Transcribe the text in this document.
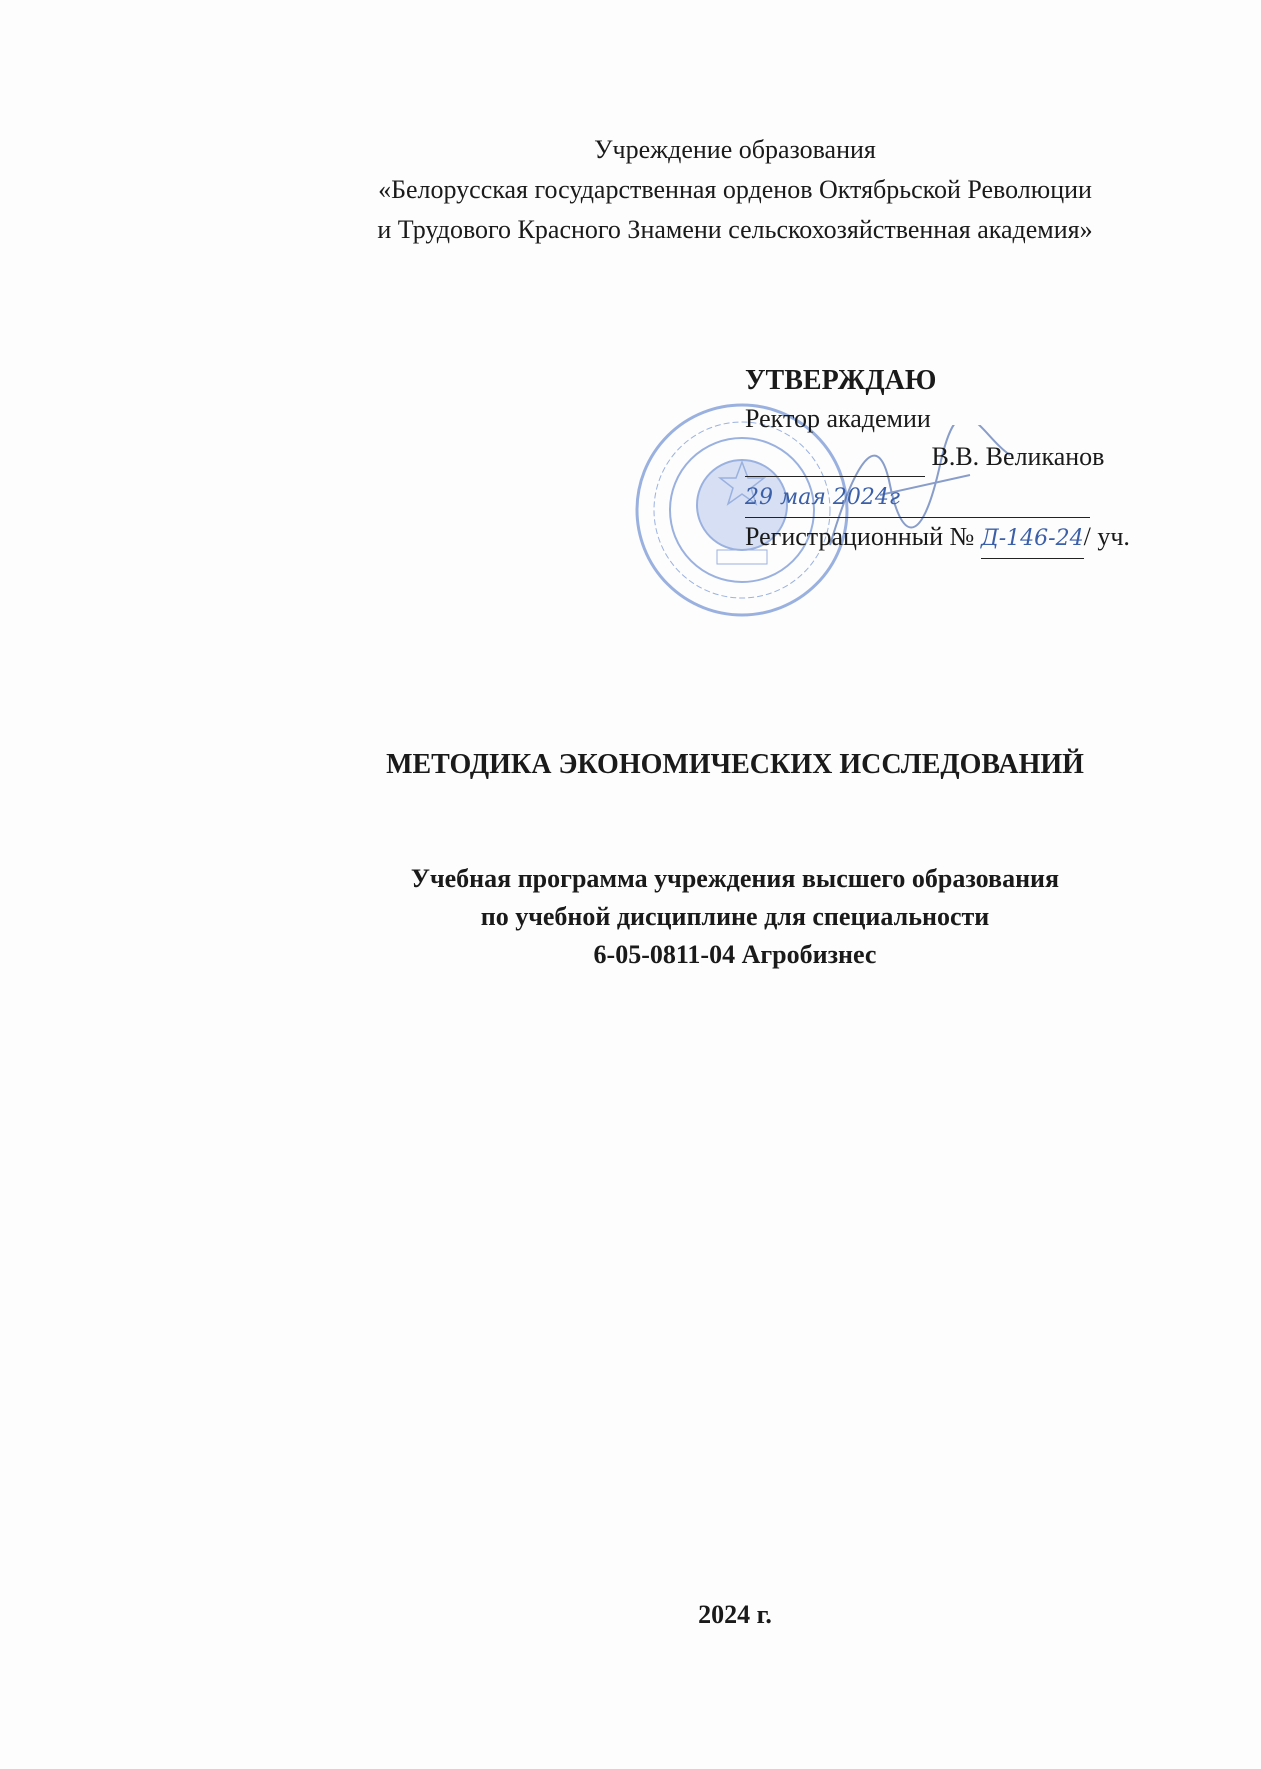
Учреждение образования
«Белорусская государственная орденов Октябрьской Революции
и Трудового Красного Знамени сельскохозяйственная академия»
УТВЕРЖДАЮ
Ректор академии
В.В. Великанов
29 мая 2024г
Регистрационный № Д-146-24/ уч.
МЕТОДИКА ЭКОНОМИЧЕСКИХ ИССЛЕДОВАНИЙ
Учебная программа учреждения высшего образования
по учебной дисциплине для специальности
6-05-0811-04 Агробизнес
2024 г.
